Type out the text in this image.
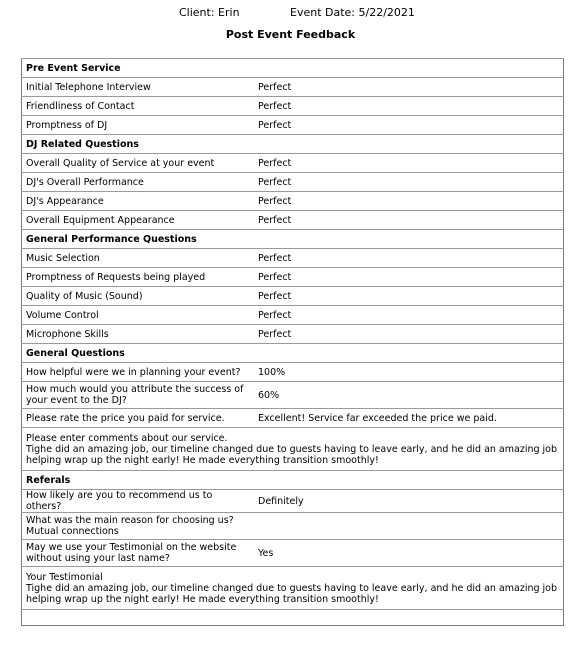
Client: Erin	Event Date: 5/22/2021
Post Event Feedback
Pre Event Service	
Initial Telephone Interview	Perfect
Friendliness of Contact	Perfect
Promptness of DJ	Perfect
DJ Related Questions	
Overall Quality of Service at your event	Perfect
DJ's Overall Performance	Perfect
DJ's Appearance	Perfect
Overall Equipment Appearance	Perfect
General Performance Questions	
Music Selection	Perfect
Promptness of Requests being played	Perfect
Quality of Music (Sound)	Perfect
Volume Control	Perfect
Microphone Skills	Perfect
General Questions	
How helpful were we in planning your event?	100%
How much would you attribute the success of your event to the DJ?	60%
Please rate the price you paid for service.	Excellent! Service far exceeded the price we paid.

Please enter comments about our service.
Tighe did an amazing job, our timeline changed due to guests having to leave early, and he did an amazing job helping wrap up the night early! He made everything transition smoothly!	

Referals	
How likely are you to recommend us to others?	Definitely

What was the main reason for choosing us?
Mutual connections	

May we use your Testimonial on the website without using your last name?	Yes

Your Testimonial
Tighe did an amazing job, our timeline changed due to guests having to leave early, and he did an amazing job helping wrap up the night early! He made everything transition smoothly!	
